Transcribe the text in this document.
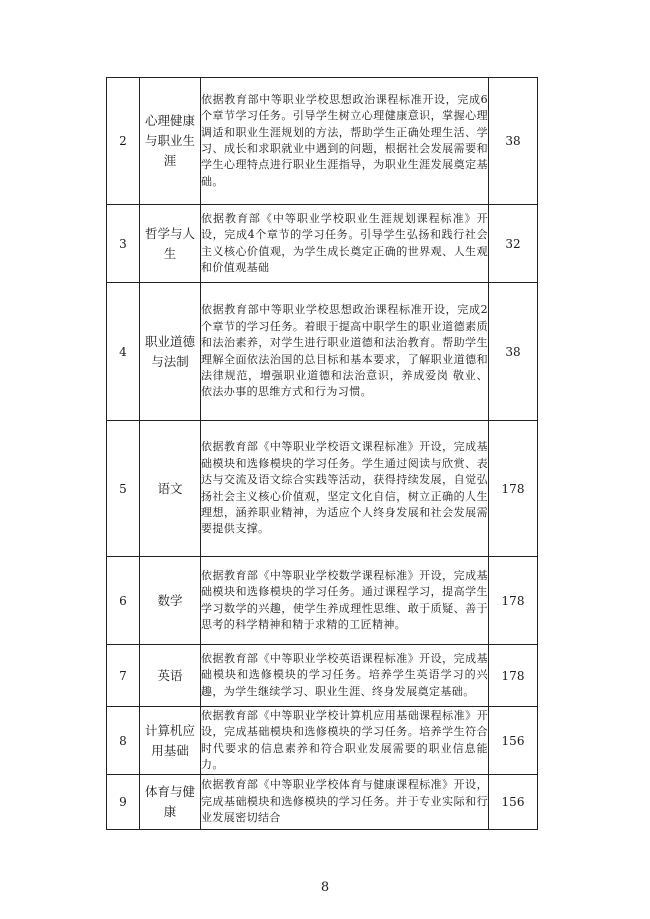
2	心理健康与职业生涯	依据教育部中等职业学校思想政治课程标准开设，完成6个章节学习任务。引导学生树立心理健康意识，掌握心理调适和职业生涯规划的方法，帮助学生正确处理生活、学习、成长和求职就业中遇到的问题，根据社会发展需要和学生心理特点进行职业生涯指导，为职业生涯发展奠定基础。	38
3	哲学与人生	依据教育部《中等职业学校职业生涯规划课程标准》开设，完成4个章节的学习任务。引导学生弘扬和践行社会主义核心价值观，为学生成长奠定正确的世界观、人生观和价值观基础	32
4	职业道德与法制	依据教育部中等职业学校思想政治课程标准开设，完成2个章节的学习任务。着眼于提高中职学生的职业道德素质和法治素养，对学生进行职业道德和法治教育。帮助学生理解全面依法治国的总目标和基本要求，了解职业道德和法律规范，增强职业道德和法治意识，养成爱岗 敬业、依法办事的思维方式和行为习惯。	38
5	语文	依据教育部《中等职业学校语文课程标准》开设，完成基础模块和选修模块的学习任务。学生通过阅读与欣赏、表达与交流及语文综合实践等活动，获得持续发展，自觉弘扬社会主义核心价值观，坚定文化自信，树立正确的人生理想，涵养职业精神，为适应个人终身发展和社会发展需要提供支撑。	178
6	数学	依据教育部《中等职业学校数学课程标准》开设，完成基础模块和选修模块的学习任务。通过课程学习，提高学生学习数学的兴趣，使学生养成理性思维、敢于质疑、善于思考的科学精神和精于求精的工匠精神。	178
7	英语	依据教育部《中等职业学校英语课程标准》开设，完成基础模块和选修模块的学习任务。培养学生英语学习的兴趣，为学生继续学习、职业生涯、终身发展奠定基础。	178
8	计算机应用基础	依据教育部《中等职业学校计算机应用基础课程标准》开设，完成基础模块和选修模块的学习任务。培养学生符合时代要求的信息素养和符合职业发展需要的职业信息能力。	156
9	体育与健康	依据教育部《中等职业学校体育与健康课程标准》开设，完成基础模块和选修模块的学习任务。并于专业实际和行业发展密切结合	156
8
